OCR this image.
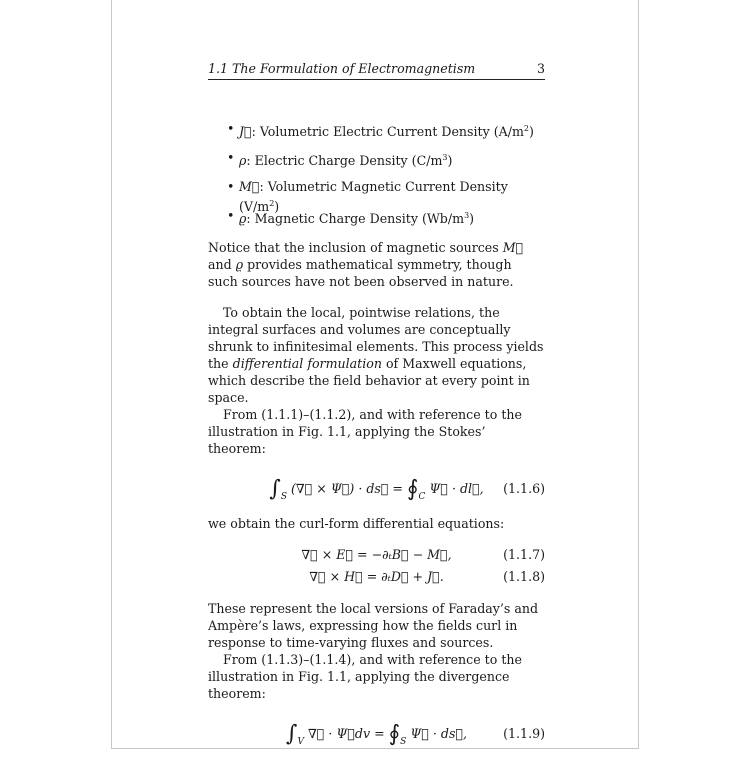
1.1 The Formulation of Electromagnetism	3
• J⃗: Volumetric Electric Current Density $(A/m^2)$
• ρ: Electric Charge Density $(C/m^3)$
• M⃗: Volumetric Magnetic Current Density $(V/m^2)$
• ϱ: Magnetic Charge Density $(Wb/m^3)$

Notice that the inclusion of magnetic sources M⃗ and ϱ provides mathematical symmetry, though such sources have not been observed in nature.

To obtain the local, pointwise relations, the integral surfaces and volumes are conceptually shrunk to infinitesimal elements. This process yields the differential formulation of Maxwell equations, which describe the field behavior at every point in space.

From (1.1.1)–(1.1.2), and with reference to the illustration in Fig. 1.1, applying the Stokes’ theorem:

$\int_S$ (∇⃗ × Ψ⃗) · ds⃗ = $∮_C$ Ψ⃗ · dl⃗, (1.1.6)

we obtain the curl-form differential equations:

∇⃗ × E⃗ = −∂ₜB⃗ − M⃗,	(1.1.7)
∇⃗ × H⃗ = ∂ₜD⃗ + J⃗.	(1.1.8)

These represent the local versions of Faraday’s and Ampère’s laws, expressing how the fields curl in response to time-varying fluxes and sources.

From (1.1.3)–(1.1.4), and with reference to the illustration in Fig. 1.1, applying the divergence theorem:

$\int_V$ ∇⃗ · Ψ⃗dv = $∮_S$ Ψ⃗ · ds⃗,	(1.1.9)
